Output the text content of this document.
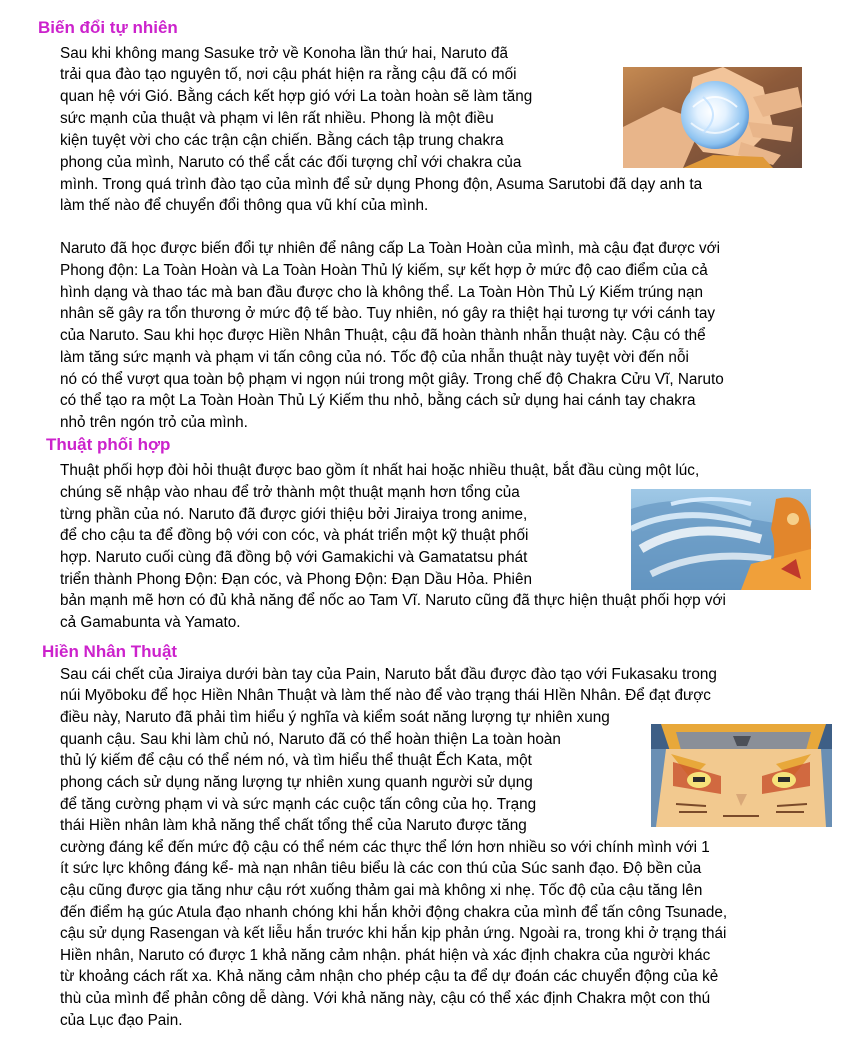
Biến đổi tự nhiên
Sau khi không mang Sasuke trở về Konoha lần thứ hai, Naruto đã
trải qua đào tạo nguyên tố, nơi cậu phát hiện ra rằng cậu đã có mối
quan hệ với Gió. Bằng cách kết hợp gió với La toàn hoàn sẽ làm tăng
sức mạnh của thuật và phạm vi lên rất nhiều. Phong là một điều
kiện tuyệt vời cho các trận cận chiến. Bằng cách tập trung chakra
phong của mình, Naruto có thể cắt các đối tượng chỉ với chakra của
mình. Trong quá trình đào tạo của mình để sử dụng Phong độn, Asuma Sarutobi đã dạy anh ta
làm thế nào để chuyển đổi thông qua vũ khí của mình.
Naruto đã học được biến đổi tự nhiên để nâng cấp La Toàn Hoàn của mình, mà cậu đạt được với
Phong độn: La Toàn Hoàn và La Toàn Hoàn Thủ lý kiếm, sự kết hợp ở mức độ cao điểm của cả
hình dạng và thao tác mà ban đầu được cho là không thể. La Toàn Hòn Thủ Lý Kiếm trúng nạn
nhân sẽ gây ra tổn thương ở mức độ tế bào. Tuy nhiên, nó gây ra thiệt hại tương tự với cánh tay
của Naruto. Sau khi học được Hiền Nhân Thuật, cậu đã hoàn thành nhẫn thuật này. Cậu có thể
làm tăng sức mạnh và phạm vi tấn công của nó. Tốc độ của nhẫn thuật này tuyệt vời đến nỗi
nó có thể vượt qua toàn bộ phạm vi ngọn núi trong một giây. Trong chế độ Chakra Cửu Vĩ, Naruto
có thể tạo ra một La Toàn Hoàn Thủ Lý Kiếm thu nhỏ, bằng cách sử dụng hai cánh tay chakra
nhỏ trên ngón trỏ của mình.
Thuật phối hợp
Thuật phối hợp đòi hỏi thuật được bao gồm ít nhất hai hoặc nhiều thuật, bắt đầu cùng một lúc,
chúng sẽ nhập vào nhau để trở thành một thuật mạnh hơn tổng của
từng phần của nó. Naruto đã được giới thiệu bởi Jiraiya trong anime,
để cho cậu ta để đồng bộ với con cóc, và phát triển một kỹ thuật phối
hợp. Naruto cuối cùng đã đồng bộ với Gamakichi và Gamatatsu phát
triển thành Phong Độn: Đạn cóc, và Phong Độn: Đạn Dầu Hỏa. Phiên
bản mạnh mẽ hơn có đủ khả năng để nốc ao Tam Vĩ. Naruto cũng đã thực hiện thuật phối hợp với
cả Gamabunta và Yamato.
Hiền Nhân Thuật
Sau cái chết của Jiraiya dưới bàn tay của Pain, Naruto bắt đầu được đào tạo với Fukasaku trong
núi Myōboku để học Hiền Nhân Thuật và làm thế nào để vào trạng thái HIền Nhân. Để đạt được
điều này, Naruto đã phải tìm hiểu ý nghĩa và kiểm soát năng lượng tự nhiên xung
quanh cậu. Sau khi làm chủ nó, Naruto đã có thể hoàn thiện La toàn hoàn
thủ lý kiếm để cậu có thể ném nó, và tìm hiểu thể thuật Ếch Kata, một
phong cách sử dụng năng lượng tự nhiên xung quanh người sử dụng
để tăng cường phạm vi và sức mạnh các cuộc tấn công của họ. Trạng
thái Hiền nhân làm khả năng thể chất tổng thể của Naruto được tăng
cường đáng kể đến mức độ cậu có thể ném các thực thể lớn hơn nhiều so với chính mình với 1
ít sức lực không đáng kể- mà nạn nhân tiêu biểu là các con thú của Súc sanh đạo. Độ bền của
cậu cũng được gia tăng như cậu rớt xuống thảm gai mà không xi nhẹ. Tốc độ của cậu tăng lên
đến điểm hạ gúc Atula đạo nhanh chóng khi hắn khởi động chakra của mình để tấn công Tsunade,
cậu sử dụng Rasengan và kết liễu hắn trước khi hắn kịp phản ứng. Ngoài ra, trong khi ở trạng thái
Hiền nhân, Naruto có được 1 khả năng cảm nhận. phát hiện và xác định chakra của người khác
từ khoảng cách rất xa. Khả năng cảm nhận cho phép cậu ta để dự đoán các chuyển động của kẻ
thù của mình để phản công dễ dàng. Với khả năng này, cậu có thể xác định Chakra một con thú
của Lục đạo Pain.
